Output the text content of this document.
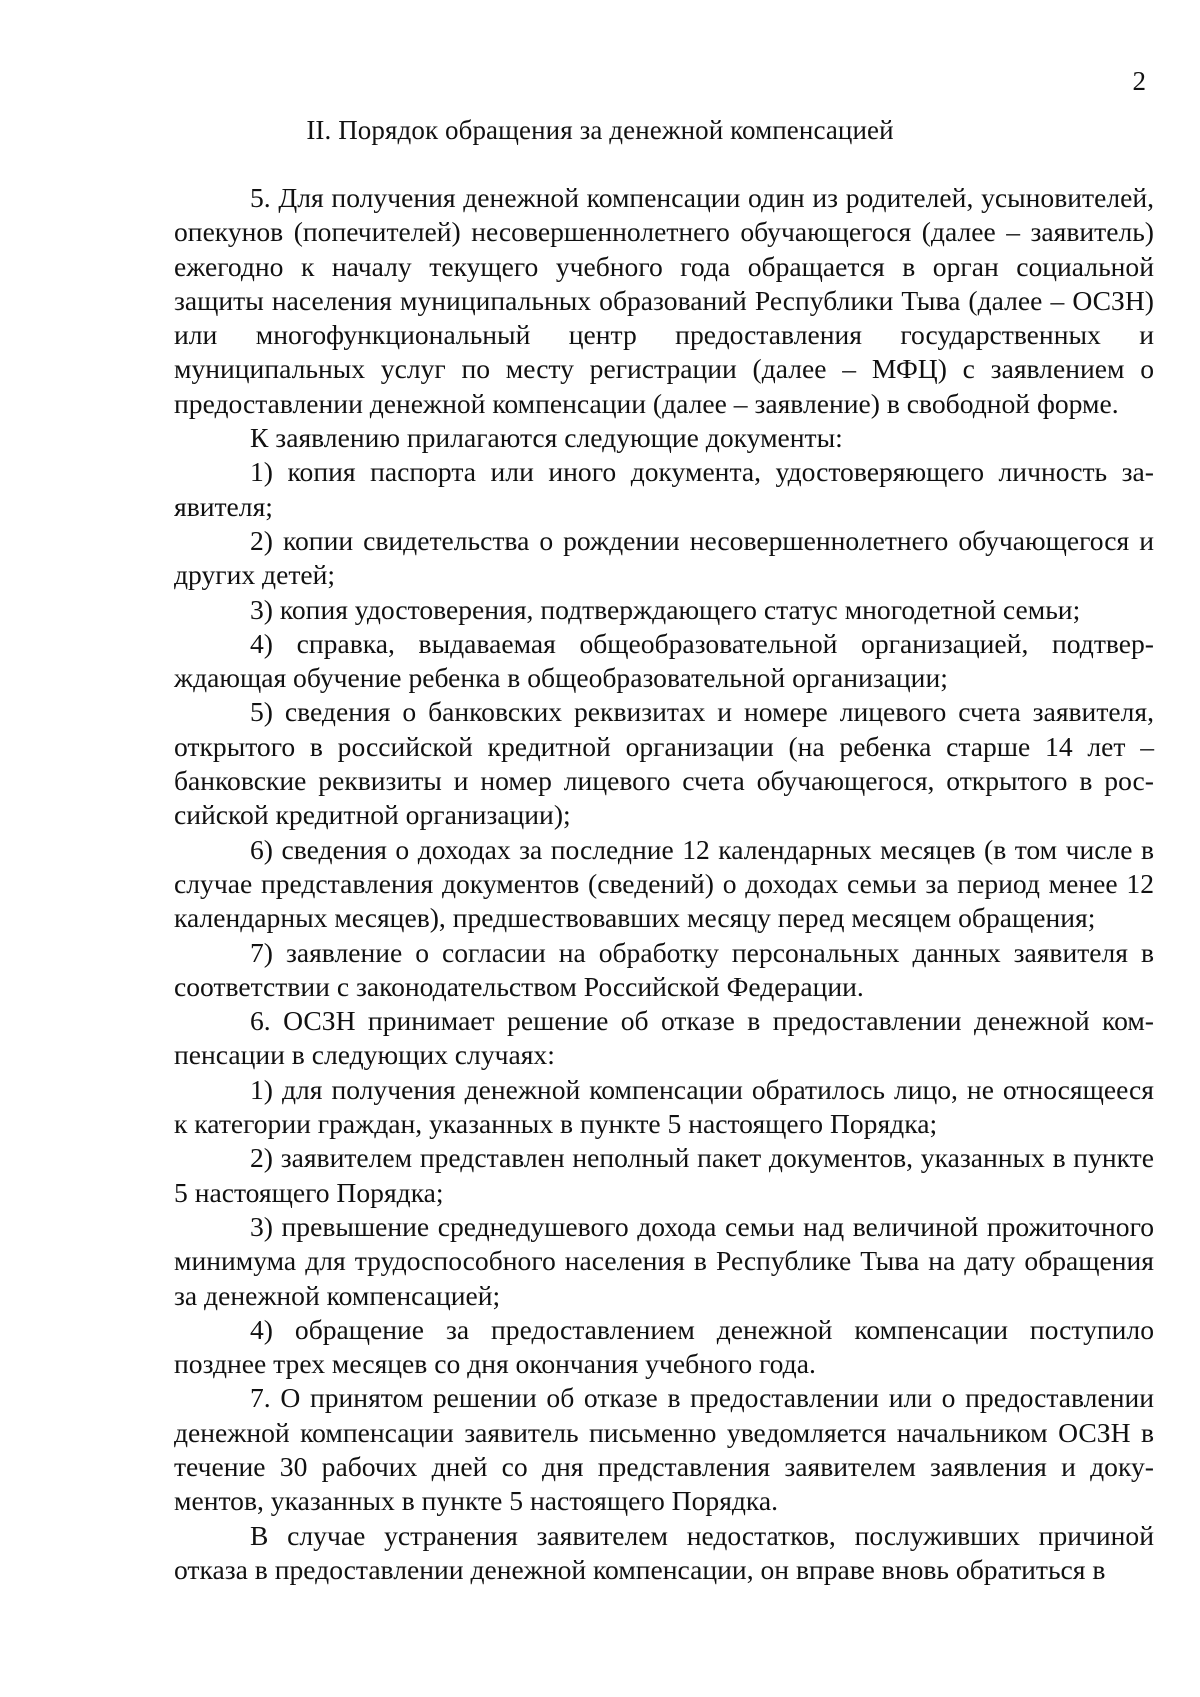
2
II. Порядок обращения за денежной компенсацией

5. Для получения денежной компенсации один из родителей, усыновителей, опекунов (попечителей) несовершеннолетнего обучающегося (далее – заявитель) ежегодно к началу текущего учебного года обращается в орган социальной защиты населения муниципальных образований Республики Тыва (далее – ОСЗН) или многофункциональный центр предоставления государственных и муниципальных услуг по месту регистрации (далее – МФЦ) с заявлением о предоставлении денежной компенсации (далее – заявление) в свободной форме.

К заявлению прилагаются следующие документы:

1) копия паспорта или иного документа, удостоверяющего личность заявителя;

2) копии свидетельства о рождении несовершеннолетнего обучающегося и других детей;

3) копия удостоверения, подтверждающего статус многодетной семьи;

4) справка, выдаваемая общеобразовательной организацией, подтверждающая обучение ребенка в общеобразовательной организации;

5) сведения о банковских реквизитах и номере лицевого счета заявителя, открытого в российской кредитной организации (на ребенка старше 14 лет – банковские реквизиты и номер лицевого счета обучающегося, открытого в российской кредитной организации);

6) сведения о доходах за последние 12 календарных месяцев (в том числе в случае представления документов (сведений) о доходах семьи за период менее 12 календарных месяцев), предшествовавших месяцу перед месяцем обращения;

7) заявление о согласии на обработку персональных данных заявителя в соответствии с законодательством Российской Федерации.

6. ОСЗН принимает решение об отказе в предоставлении денежной компенсации в следующих случаях:

1) для получения денежной компенсации обратилось лицо, не относящееся к категории граждан, указанных в пункте 5 настоящего Порядка;

2) заявителем представлен неполный пакет документов, указанных в пункте 5 настоящего Порядка;

3) превышение среднедушевого дохода семьи над величиной прожиточного минимума для трудоспособного населения в Республике Тыва на дату обращения за денежной компенсацией;

4) обращение за предоставлением денежной компенсации поступило позднее трех месяцев со дня окончания учебного года.

7. О принятом решении об отказе в предоставлении или о предоставлении денежной компенсации заявитель письменно уведомляется начальником ОСЗН в течение 30 рабочих дней со дня представления заявителем заявления и документов, указанных в пункте 5 настоящего Порядка.

В случае устранения заявителем недостатков, послуживших причиной отказа в предоставлении денежной компенсации, он вправе вновь обратиться в
